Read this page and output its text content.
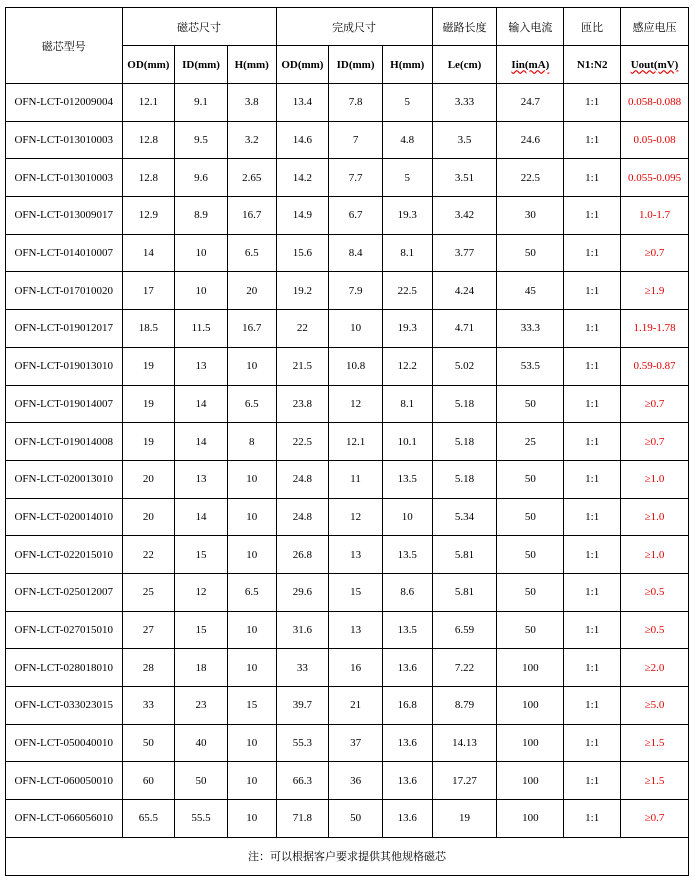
磁芯型号	磁芯尺寸			完成尺寸			磁路长度	输入电流	匝比	感应电压
	OD(mm)	ID(mm)	H(mm)	OD(mm)	ID(mm)	H(mm)	Le(cm)	Iin(mA)	N1:N2	Uout(mV)
OFN-LCT-012009004	12.1	9.1	3.8	13.4	7.8	5	3.33	24.7	1:1	0.058-0.088
OFN-LCT-013010003	12.8	9.5	3.2	14.6	7	4.8	3.5	24.6	1:1	0.05-0.08
OFN-LCT-013010003	12.8	9.6	2.65	14.2	7.7	5	3.51	22.5	1:1	0.055-0.095
OFN-LCT-013009017	12.9	8.9	16.7	14.9	6.7	19.3	3.42	30	1:1	1.0-1.7
OFN-LCT-014010007	14	10	6.5	15.6	8.4	8.1	3.77	50	1:1	≥0.7
OFN-LCT-017010020	17	10	20	19.2	7.9	22.5	4.24	45	1:1	≥1.9
OFN-LCT-019012017	18.5	11.5	16.7	22	10	19.3	4.71	33.3	1:1	1.19-1.78
OFN-LCT-019013010	19	13	10	21.5	10.8	12.2	5.02	53.5	1:1	0.59-0.87
OFN-LCT-019014007	19	14	6.5	23.8	12	8.1	5.18	50	1:1	≥0.7
OFN-LCT-019014008	19	14	8	22.5	12.1	10.1	5.18	25	1:1	≥0.7
OFN-LCT-020013010	20	13	10	24.8	11	13.5	5.18	50	1:1	≥1.0
OFN-LCT-020014010	20	14	10	24.8	12	10	5.34	50	1:1	≥1.0
OFN-LCT-022015010	22	15	10	26.8	13	13.5	5.81	50	1:1	≥1.0
OFN-LCT-025012007	25	12	6.5	29.6	15	8.6	5.81	50	1:1	≥0.5
OFN-LCT-027015010	27	15	10	31.6	13	13.5	6.59	50	1:1	≥0.5
OFN-LCT-028018010	28	18	10	33	16	13.6	7.22	100	1:1	≥2.0
OFN-LCT-033023015	33	23	15	39.7	21	16.8	8.79	100	1:1	≥5.0
OFN-LCT-050040010	50	40	10	55.3	37	13.6	14.13	100	1:1	≥1.5
OFN-LCT-060050010	60	50	10	66.3	36	13.6	17.27	100	1:1	≥1.5
OFN-LCT-066056010	65.5	55.5	10	71.8	50	13.6	19	100	1:1	≥0.7
注：可以根据客户要求提供其他规格磁芯										
